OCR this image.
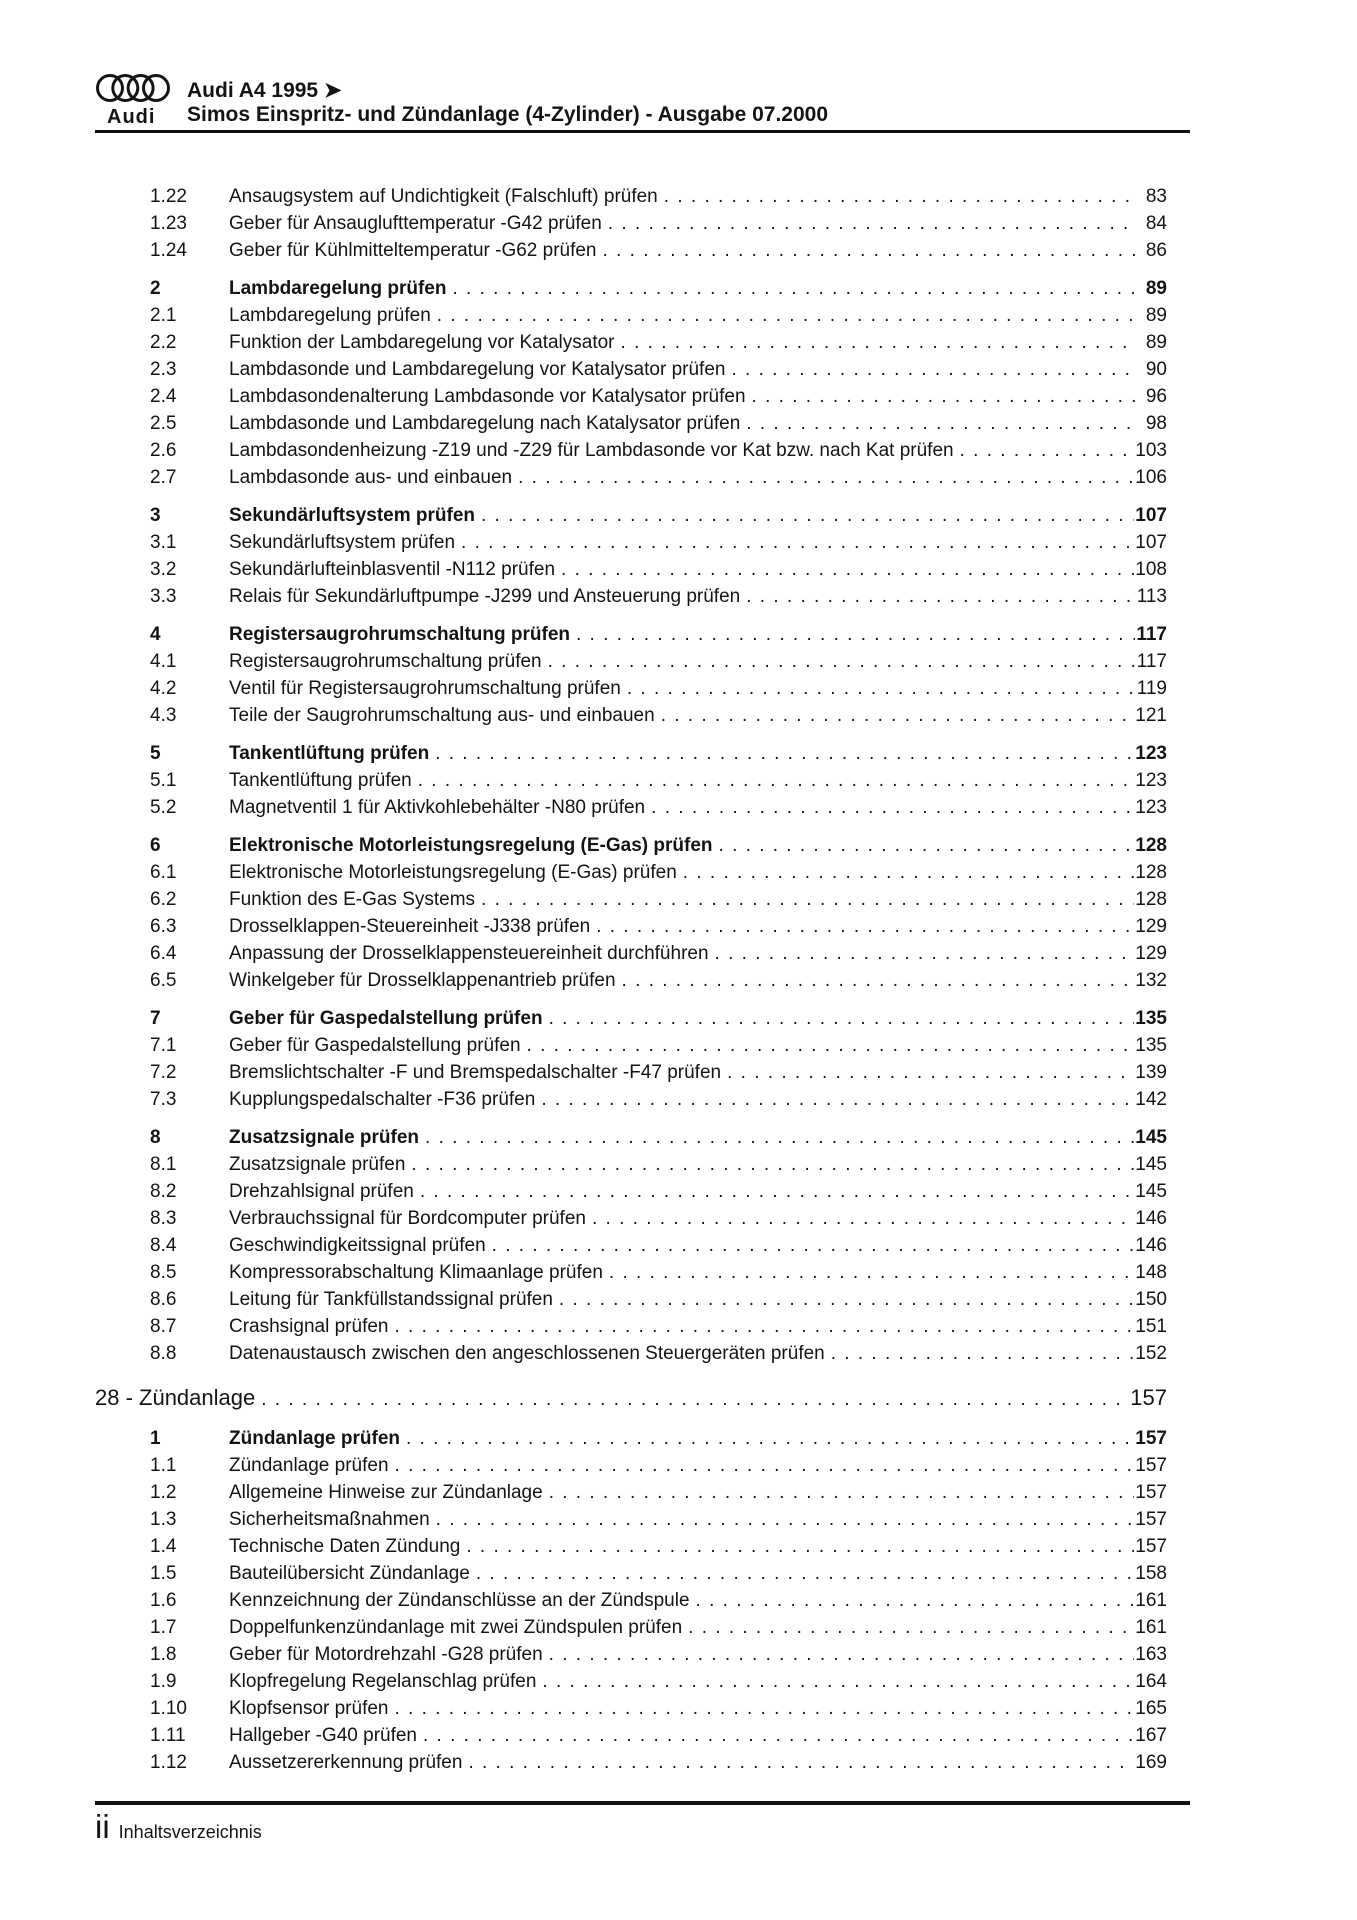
Audi
Audi A4 1995 ➤
Simos Einspritz- und Zündanlage (4-Zylinder) - Ausgabe 07.2000
1.22	Ansaugsystem auf Undichtigkeit (Falschluft) prüfen . . .	83
1.23	Geber für Ansauglufttemperatur -G42 prüfen . . .	84
1.24	Geber für Kühlmitteltemperatur -G62 prüfen . . .	86
2	Lambdaregelung prüfen . . .	89
2.1	Lambdaregelung prüfen . . .	89
2.2	Funktion der Lambdaregelung vor Katalysator . . .	89
2.3	Lambdasonde und Lambdaregelung vor Katalysator prüfen . . .	90
2.4	Lambdasondenalterung Lambdasonde vor Katalysator prüfen . . .	96
2.5	Lambdasonde und Lambdaregelung nach Katalysator prüfen . . .	98
2.6	Lambdasondenheizung -Z19 und -Z29 für Lambdasonde vor Kat bzw. nach Kat prüfen . . .	103
2.7	Lambdasonde aus- und einbauen . . .	106
3	Sekundärluftsystem prüfen . . .	107
3.1	Sekundärluftsystem prüfen . . .	107
3.2	Sekundärlufteinblasventil -N112 prüfen . . .	108
3.3	Relais für Sekundärluftpumpe -J299 und Ansteuerung prüfen . . .	113
4	Registersaugrohrumschaltung prüfen . . .	117
4.1	Registersaugrohrumschaltung prüfen . . .	117
4.2	Ventil für Registersaugrohrumschaltung prüfen . . .	119
4.3	Teile der Saugrohrumschaltung aus- und einbauen . . .	121
5	Tankentlüftung prüfen . . .	123
5.1	Tankentlüftung prüfen . . .	123
5.2	Magnetventil 1 für Aktivkohlebehälter -N80 prüfen . . .	123
6	Elektronische Motorleistungsregelung (E-Gas) prüfen . . .	128
6.1	Elektronische Motorleistungsregelung (E-Gas) prüfen . . .	128
6.2	Funktion des E-Gas Systems . . .	128
6.3	Drosselklappen-Steuereinheit -J338 prüfen . . .	129
6.4	Anpassung der Drosselklappensteuereinheit durchführen . . .	129
6.5	Winkelgeber für Drosselklappenantrieb prüfen . . .	132
7	Geber für Gaspedalstellung prüfen . . .	135
7.1	Geber für Gaspedalstellung prüfen . . .	135
7.2	Bremslichtschalter -F und Bremspedalschalter -F47 prüfen . . .	139
7.3	Kupplungspedalschalter -F36 prüfen . . .	142
8	Zusatzsignale prüfen . . .	145
8.1	Zusatzsignale prüfen . . .	145
8.2	Drehzahlsignal prüfen . . .	145
8.3	Verbrauchssignal für Bordcomputer prüfen . . .	146
8.4	Geschwindigkeitssignal prüfen . . .	146
8.5	Kompressorabschaltung Klimaanlage prüfen . . .	148
8.6	Leitung für Tankfüllstandssignal prüfen . . .	150
8.7	Crashsignal prüfen . . .	151
8.8	Datenaustausch zwischen den angeschlossenen Steuergeräten prüfen . . .	152
28 - Zündanlage . . .	157
1	Zündanlage prüfen . . .	157
1.1	Zündanlage prüfen . . .	157
1.2	Allgemeine Hinweise zur Zündanlage . . .	157
1.3	Sicherheitsmaßnahmen . . .	157
1.4	Technische Daten Zündung . . .	157
1.5	Bauteilübersicht Zündanlage . . .	158
1.6	Kennzeichnung der Zündanschlüsse an der Zündspule . . .	161
1.7	Doppelfunkenzündanlage mit zwei Zündspulen prüfen . . .	161
1.8	Geber für Motordrehzahl -G28 prüfen . . .	163
1.9	Klopfregelung Regelanschlag prüfen . . .	164
1.10	Klopfsensor prüfen . . .	165
1.11	Hallgeber -G40 prüfen . . .	167
1.12	Aussetzererkennung prüfen . . .	169
ii Inhaltsverzeichnis
